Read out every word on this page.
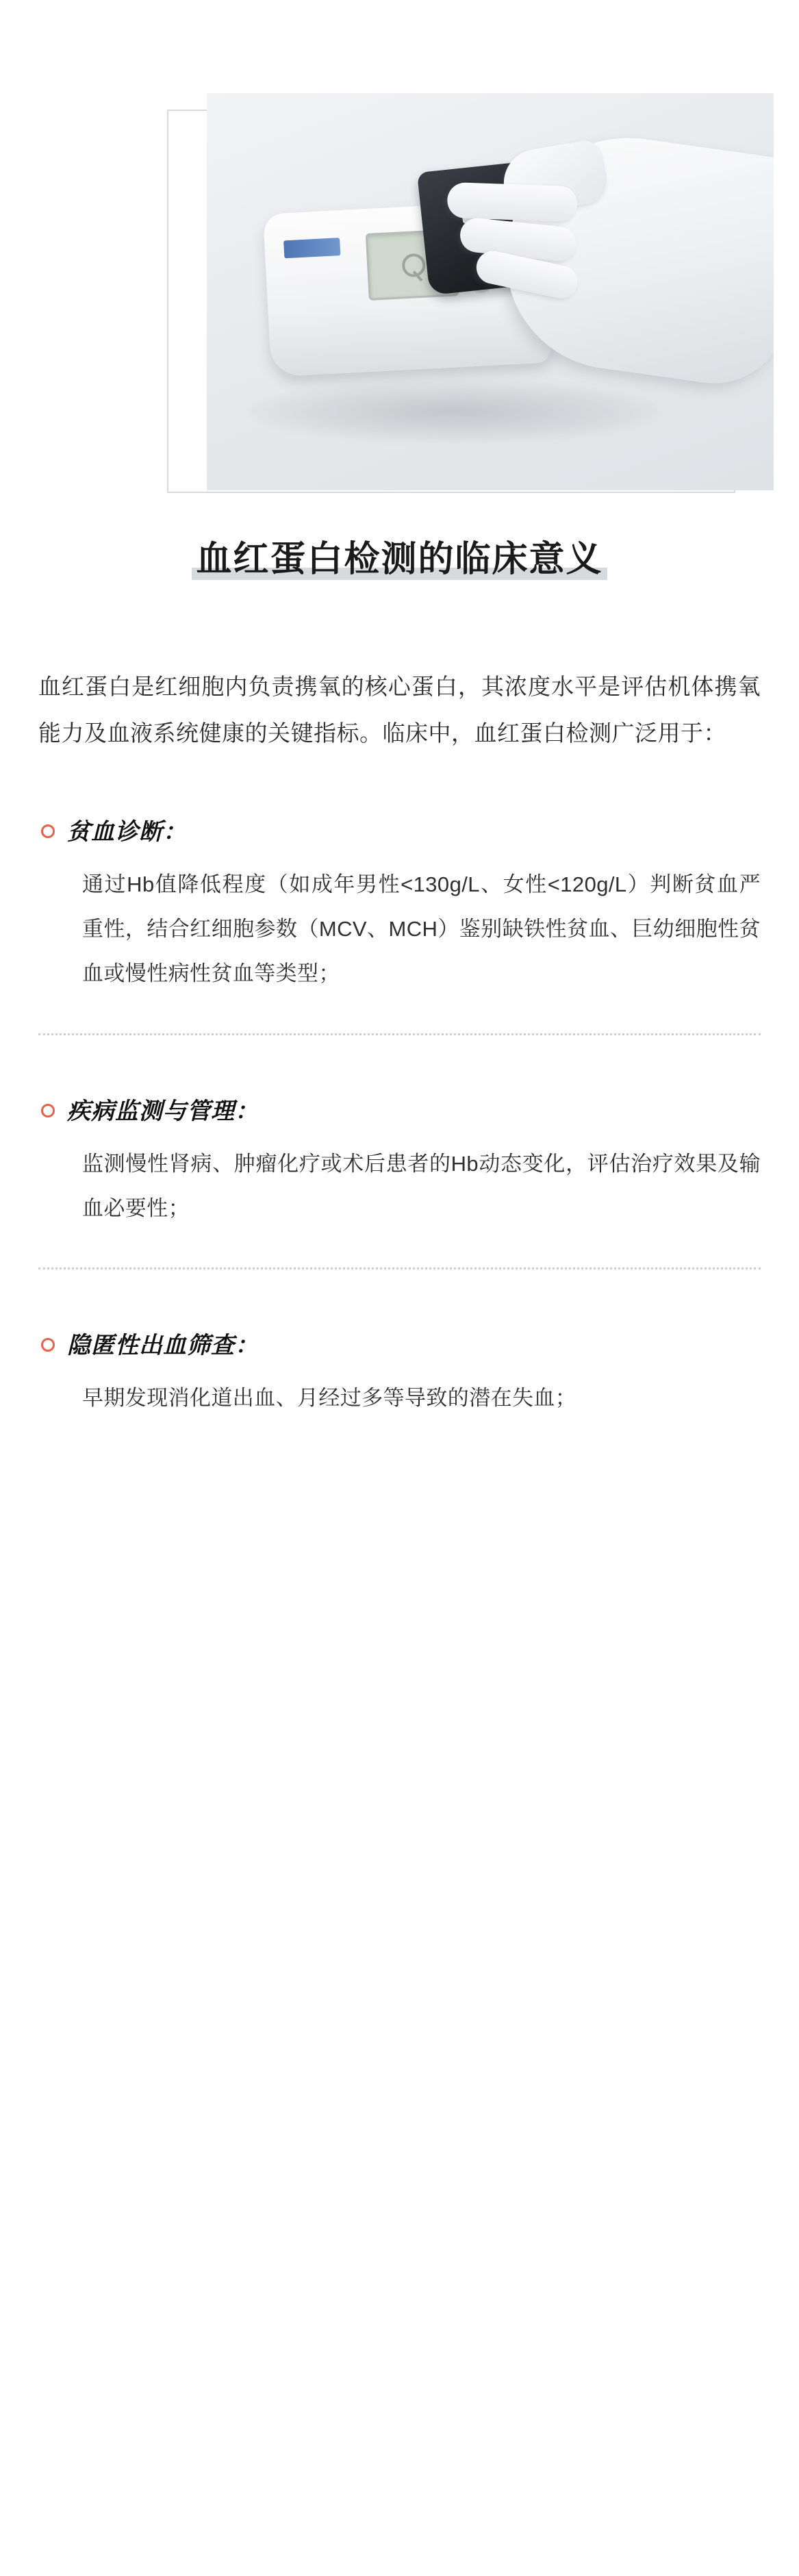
血红蛋白检测的临床意义

血红蛋白是红细胞内负责携氧的核心蛋白，其浓度水平是评估机体携氧能力及血液系统健康的关键指标。临床中，血红蛋白检测广泛用于：

贫血诊断：

通过Hb值降低程度（如成年男性<130g/L、女性<120g/L）判断贫血严重性，结合红细胞参数（MCV、MCH）鉴别缺铁性贫血、巨幼细胞性贫血或慢性病性贫血等类型；

疾病监测与管理：

监测慢性肾病、肿瘤化疗或术后患者的Hb动态变化，评估治疗效果及输血必要性；

隐匿性出血筛查：

早期发现消化道出血、月经过多等导致的潜在失血；
